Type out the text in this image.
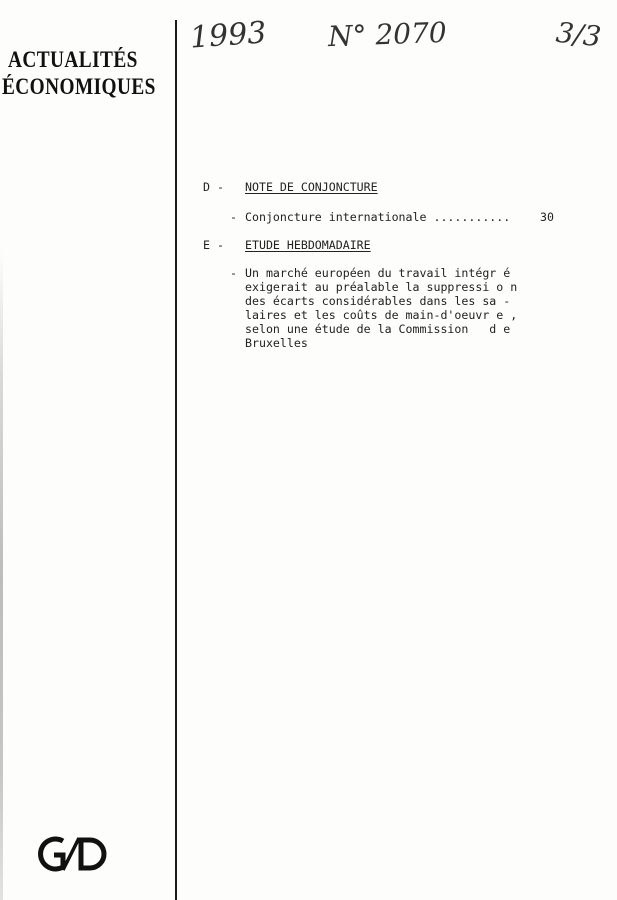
ACTUALITÉS
ÉCONOMIQUES
1993 N° 2070	3/3
D - NOTE DE CONJONCTURE
- Conjoncture internationale ...........	30
E - ETUDE HEBDOMADAIRE
- Un marché européen du travail intégr é
exigerait au préalable la suppressi o n
des écarts considérables dans les sa -
laires et les coûts de main-d'oeuvr e ,
selon une étude de la Commission   d e
Bruxelles
